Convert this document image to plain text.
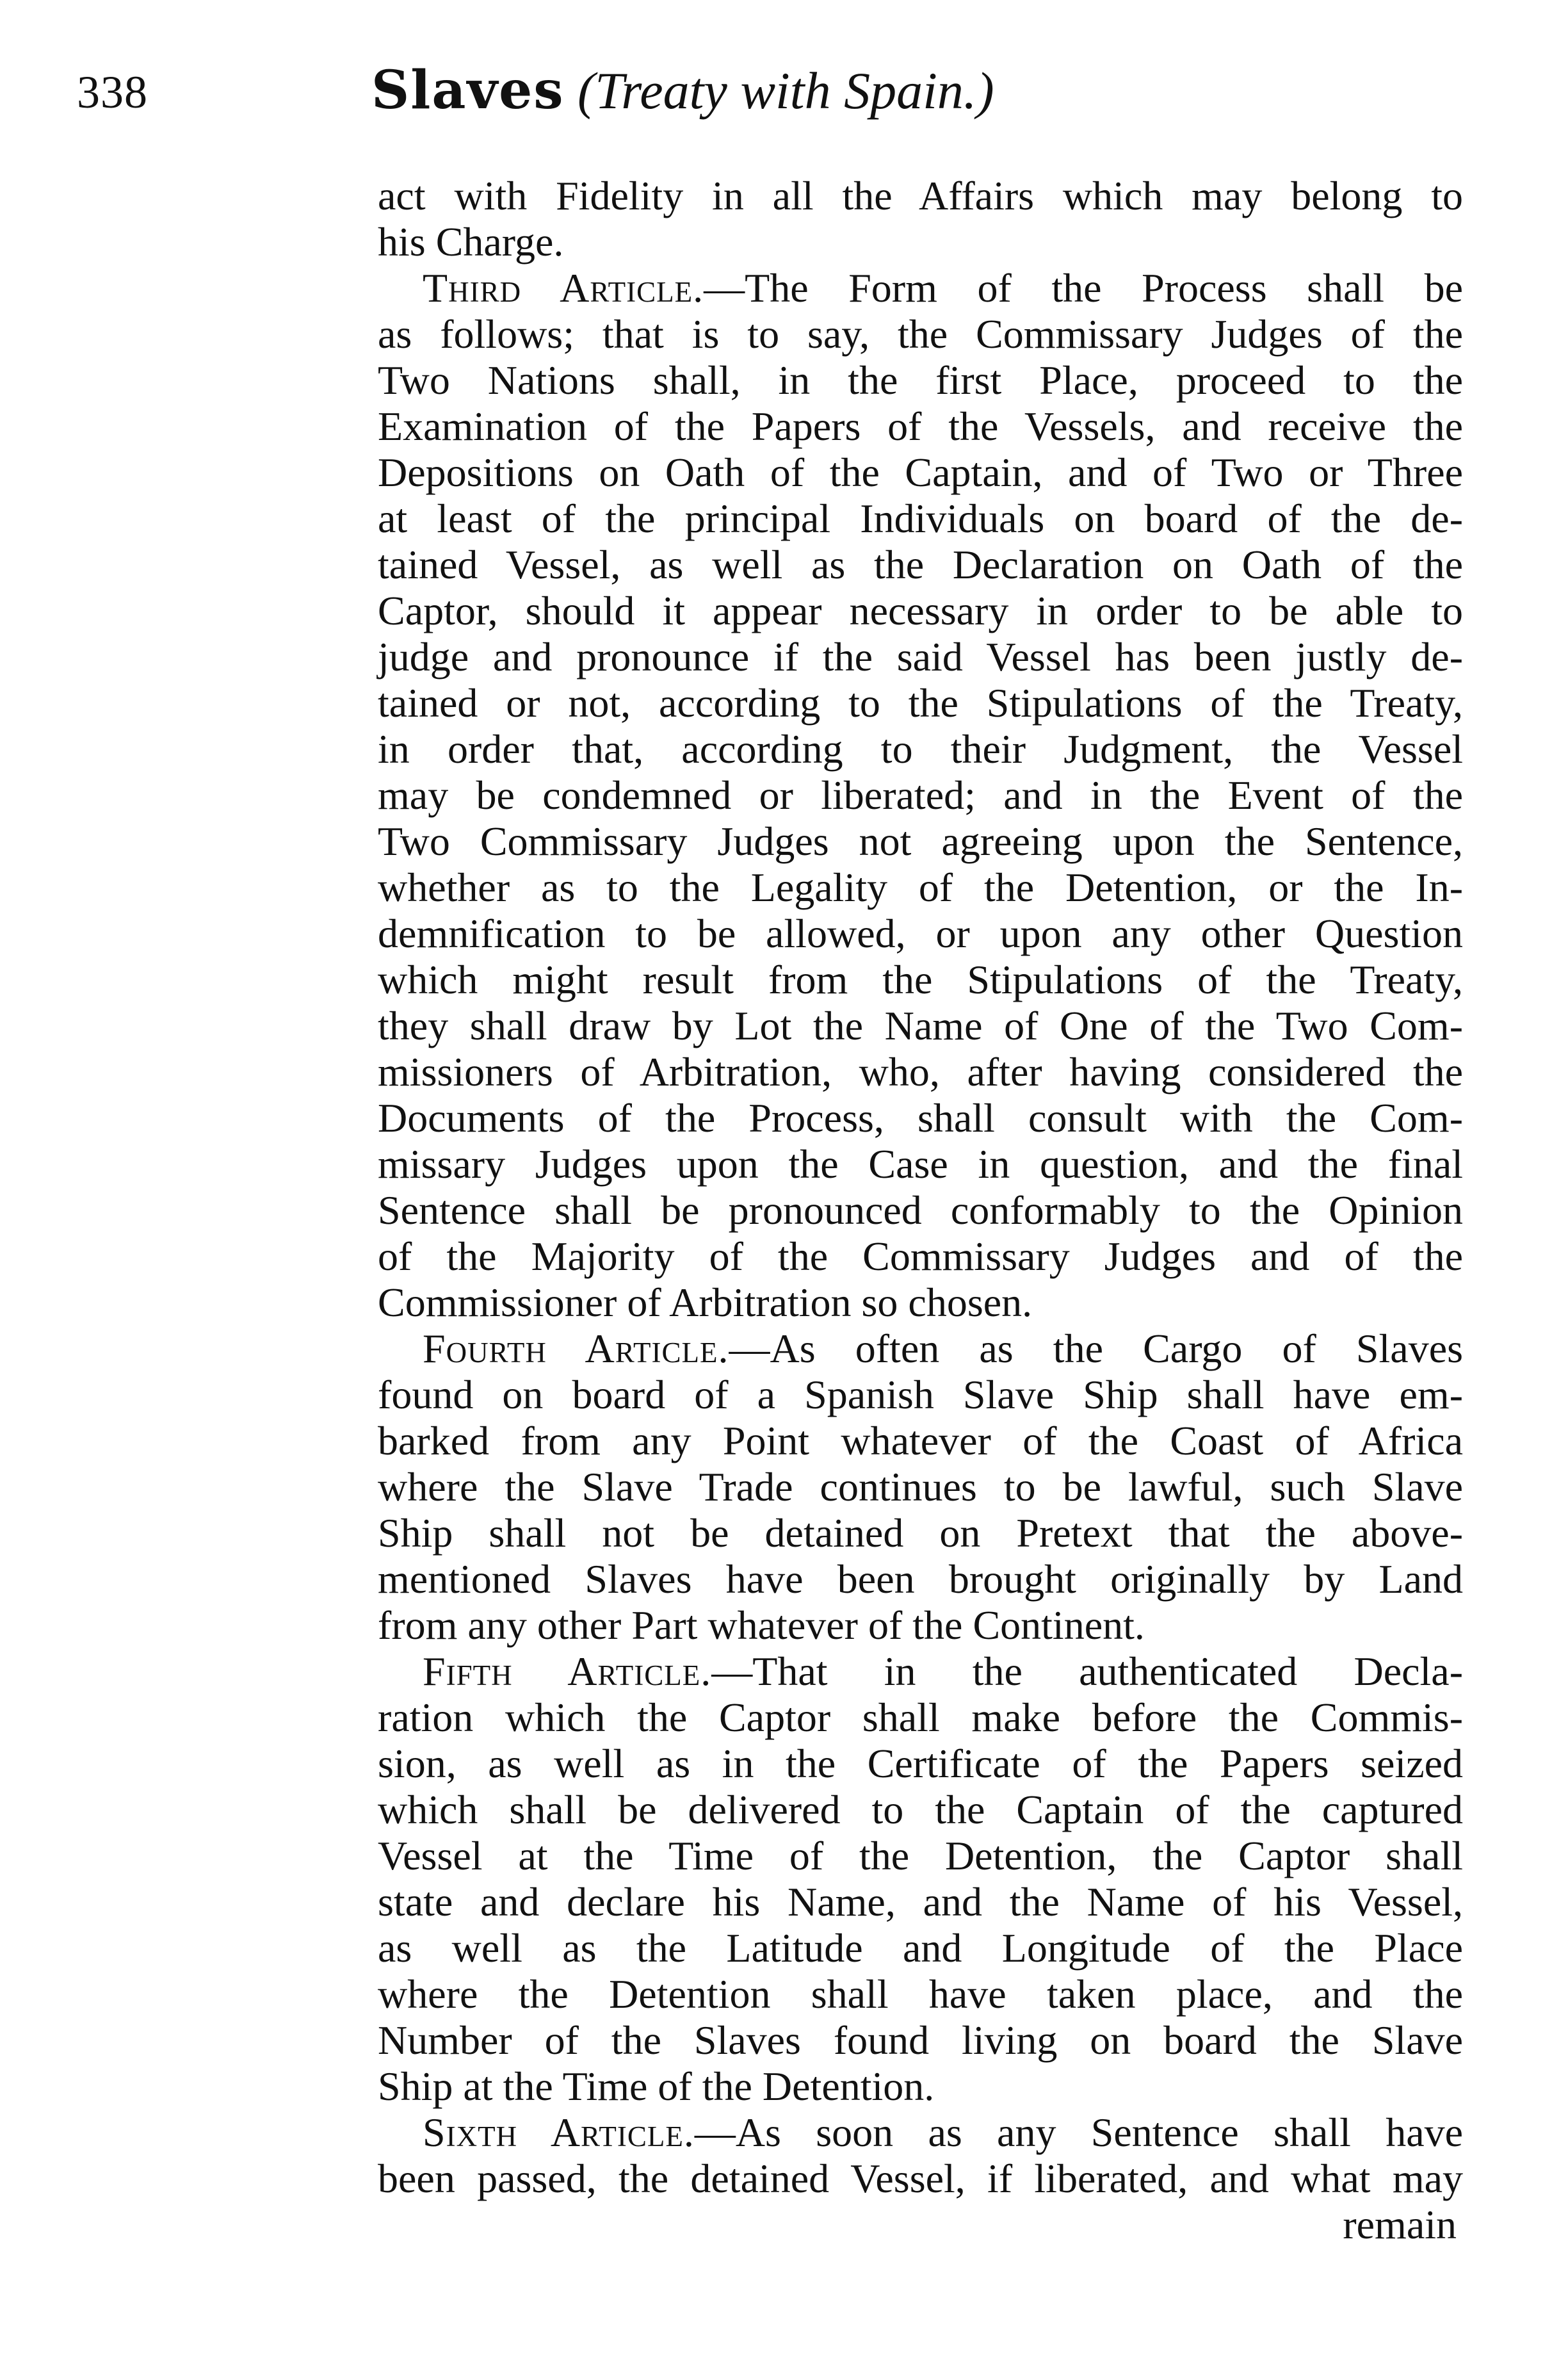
338	Slaves (Treaty with Spain.)

act with Fidelity in all the Affairs which may belong to

his Charge.

Third Article.—The Form of the Process shall be

as follows; that is to say, the Commissary Judges of the

Two Nations shall, in the first Place, proceed to the

Examination of the Papers of the Vessels, and receive the

Depositions on Oath of the Captain, and of Two or Three

at least of the principal Individuals on board of the de-

tained Vessel, as well as the Declaration on Oath of the

Captor, should it appear necessary in order to be able to

judge and pronounce if the said Vessel has been justly de-

tained or not, according to the Stipulations of the Treaty,

in order that, according to their Judgment, the Vessel

may be condemned or liberated; and in the Event of the

Two Commissary Judges not agreeing upon the Sentence,

whether as to the Legality of the Detention, or the In-

demnification to be allowed, or upon any other Question

which might result from the Stipulations of the Treaty,

they shall draw by Lot the Name of One of the Two Com-

missioners of Arbitration, who, after having considered the

Documents of the Process, shall consult with the Com-

missary Judges upon the Case in question, and the final

Sentence shall be pronounced conformably to the Opinion

of the Majority of the Commissary Judges and of the

Commissioner of Arbitration so chosen.

Fourth Article.—As often as the Cargo of Slaves

found on board of a Spanish Slave Ship shall have em-

barked from any Point whatever of the Coast of Africa

where the Slave Trade continues to be lawful, such Slave

Ship shall not be detained on Pretext that the above-

mentioned Slaves have been brought originally by Land

from any other Part whatever of the Continent.

Fifth Article.—That in the authenticated Decla-

ration which the Captor shall make before the Commis-

sion, as well as in the Certificate of the Papers seized

which shall be delivered to the Captain of the captured

Vessel at the Time of the Detention, the Captor shall

state and declare his Name, and the Name of his Vessel,

as well as the Latitude and Longitude of the Place

where the Detention shall have taken place, and the

Number of the Slaves found living on board the Slave

Ship at the Time of the Detention.

Sixth Article.—As soon as any Sentence shall have

been passed, the detained Vessel, if liberated, and what may

remain
